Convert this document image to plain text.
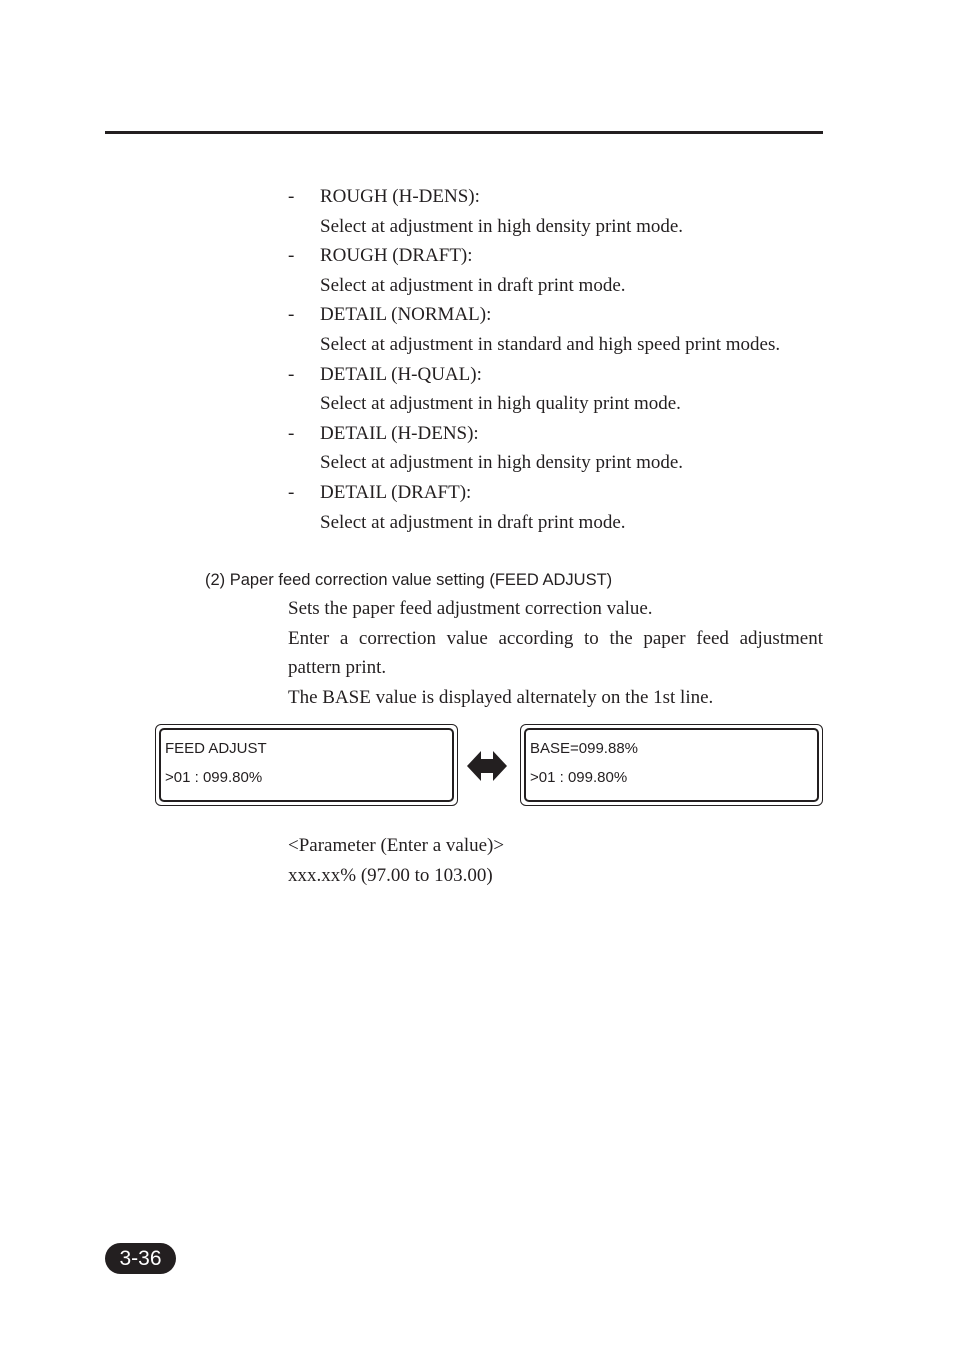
- ROUGH (H-DENS):
Select at adjustment in high density print mode.
- ROUGH (DRAFT):
Select at adjustment in draft print mode.
- DETAIL (NORMAL):
Select at adjustment in standard and high speed print modes.
- DETAIL (H-QUAL):
Select at adjustment in high quality print mode.
- DETAIL (H-DENS):
Select at adjustment in high density print mode.
- DETAIL (DRAFT):
Select at adjustment in draft print mode.
(2) Paper feed correction value setting (FEED ADJUST)
Sets the paper feed adjustment correction value.
Enter a correction value according to the paper feed adjustment
pattern print.
The BASE value is displayed alternately on the 1st line.
FEED ADJUST
>01 : 099.80%
BASE=099.88%
>01 : 099.80%
<Parameter (Enter a value)>
xxx.xx% (97.00 to 103.00)
3-36
